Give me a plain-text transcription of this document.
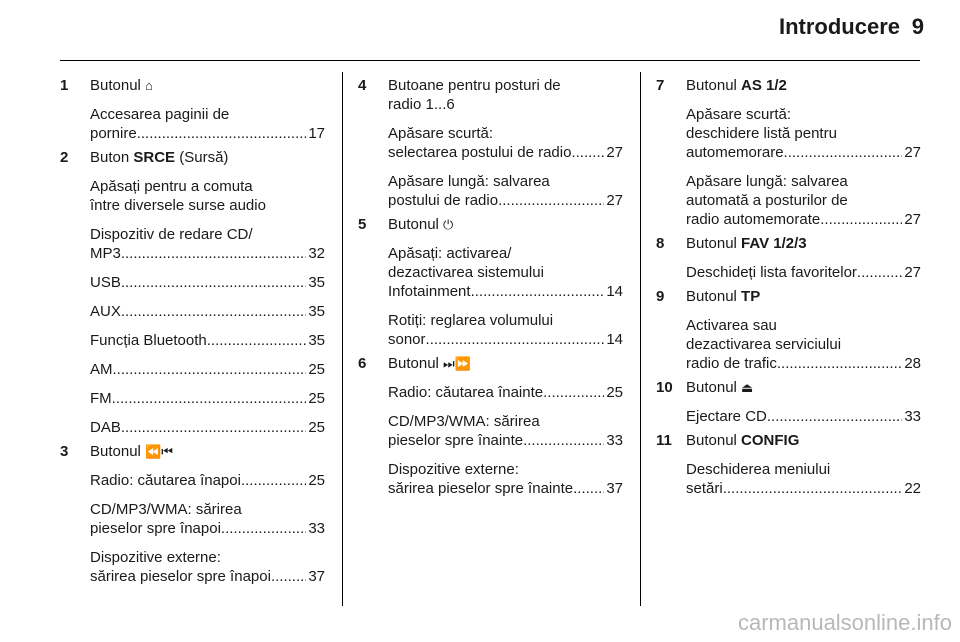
Introducere 9
1 Butonul ⌂
Accesarea paginii de
pornire .....	17
2 Buton SRCE (Sursă)
Apăsați pentru a comuta
între diversele surse audio
Dispozitiv de redare CD/
MP3 .....	32
USB .....	35
AUX .....	35
Funcția Bluetooth .....	35
AM .....	25
FM .....	25
DAB .....	25
3 Butonul ⏪⏮
Radio: căutarea înapoi .....	25
CD/MP3/WMA: sărirea
pieselor spre înapoi .....	33
Dispozitive externe:
sărirea pieselor spre înapoi ..... 37
4 Butoane pentru posturi de
radio 1...6
Apăsare scurtă:
selectarea postului de radio ..... 27
Apăsare lungă: salvarea
postului de radio .....	27
5 Butonul ⏻
Apăsați: activarea/
dezactivarea sistemului
Infotainment .....	14
Rotiți: reglarea volumului
sonor .....	14
6 Butonul ⏭⏩
Radio: căutarea înainte .....	25
CD/MP3/WMA: sărirea
pieselor spre înainte .....	33
Dispozitive externe:
sărirea pieselor spre înainte ..... 37
7 Butonul AS 1/2
Apăsare scurtă:
deschidere listă pentru
automemorare .....	27
Apăsare lungă: salvarea
automată a posturilor de
radio automemorate .....	27
8 Butonul FAV 1/2/3
Deschideți lista favoritelor .....	27
9 Butonul TP
Activarea sau
dezactivarea serviciului
radio de trafic .....	28
10 Butonul ⏏
Ejectare CD .....	33
11 Butonul CONFIG
Deschiderea meniului
setări .....	22
carmanualsonline.info
